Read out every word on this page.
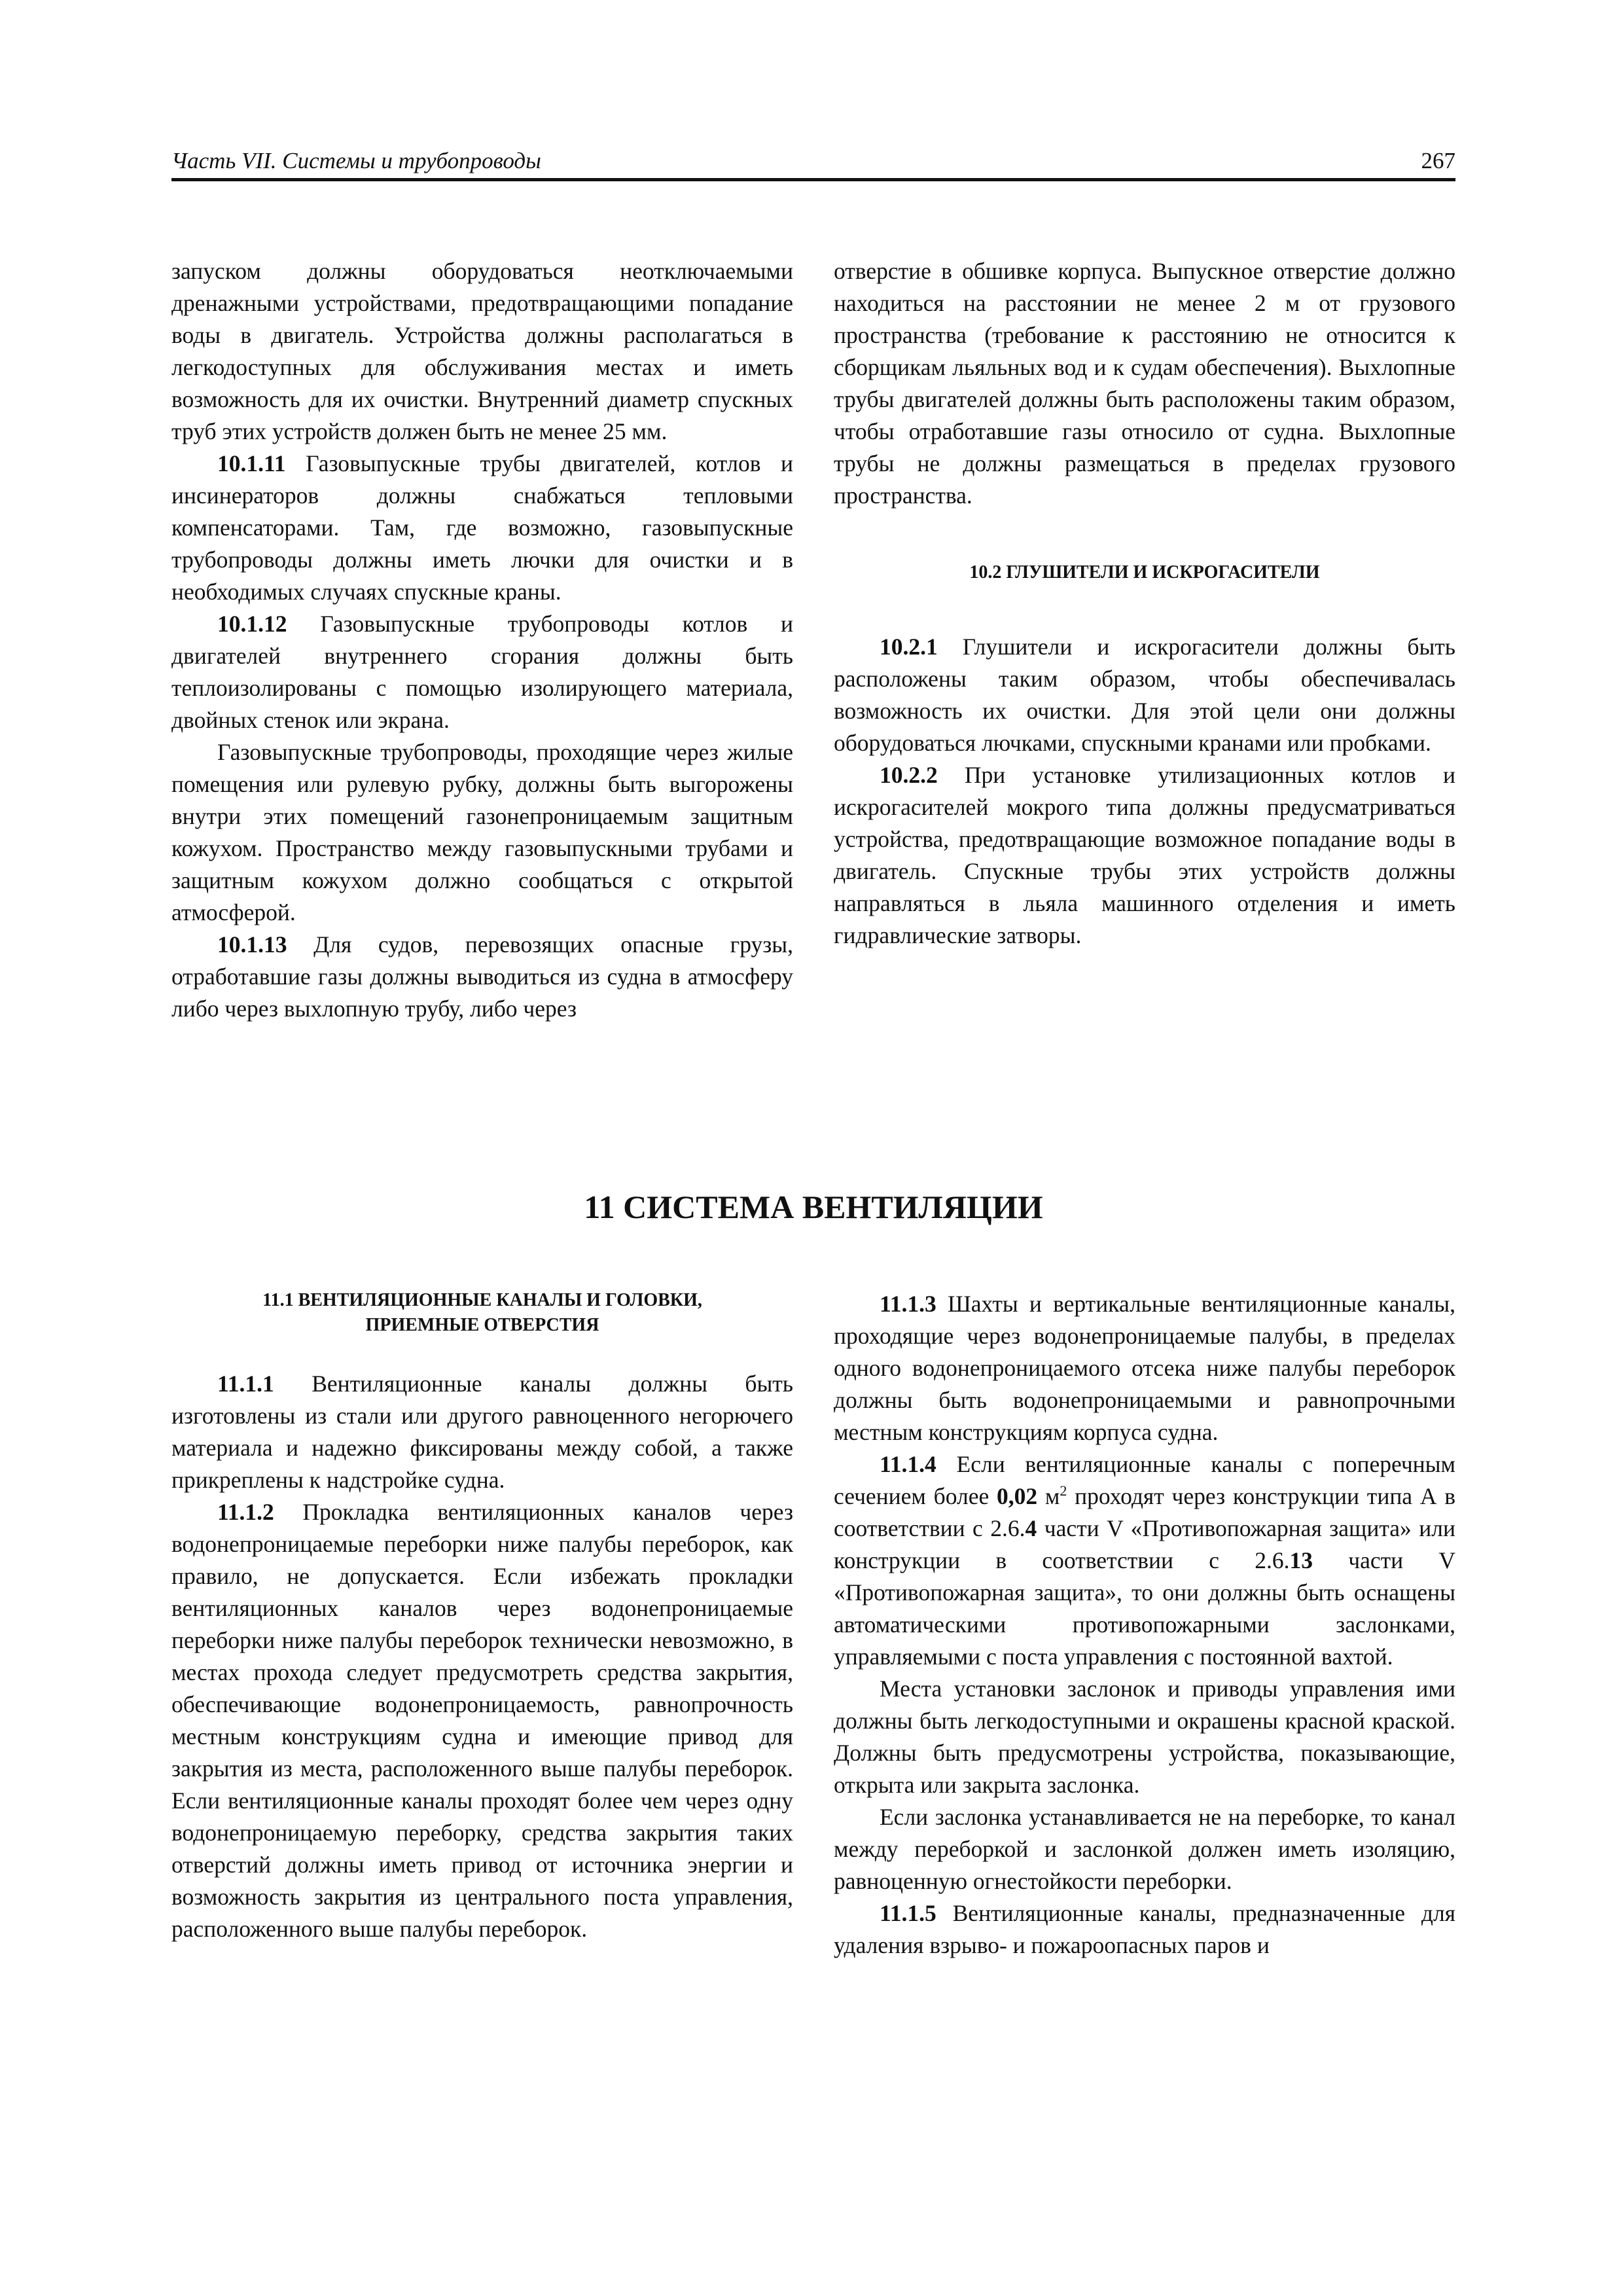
Часть VII. Системы и трубопроводы	267

запуском должны оборудоваться неотключаемыми дренажными устройствами, предотвращающими попадание воды в двигатель. Устройства должны располагаться в легкодоступных для обслуживания местах и иметь возможность для их очистки. Внутренний диаметр спускных труб этих устройств должен быть не менее 25 мм.

10.1.11 Газовыпускные трубы двигателей, котлов и инсинераторов должны снабжаться тепловыми компенсаторами. Там, где возможно, газовыпускные трубопроводы должны иметь лючки для очистки и в необходимых случаях спускные краны.

10.1.12 Газовыпускные трубопроводы котлов и двигателей внутреннего сгорания должны быть теплоизолированы с помощью изолирующего материала, двойных стенок или экрана.

Газовыпускные трубопроводы, проходящие через жилые помещения или рулевую рубку, должны быть выгорожены внутри этих помещений газонепроницаемым защитным кожухом. Пространство между газовыпускными трубами и защитным кожухом должно сообщаться с открытой атмосферой.

10.1.13 Для судов, перевозящих опасные грузы, отработавшие газы должны выводиться из судна в атмосферу либо через выхлопную трубу, либо через

отверстие в обшивке корпуса. Выпускное отверстие должно находиться на расстоянии не менее 2 м от грузового пространства (требование к расстоянию не относится к сборщикам льяльных вод и к судам обеспечения). Выхлопные трубы двигателей должны быть расположены таким образом, чтобы отработавшие газы относило от судна. Выхлопные трубы не должны размещаться в пределах грузового пространства.

10.2 ГЛУШИТЕЛИ И ИСКРОГАСИТЕЛИ

10.2.1 Глушители и искрогасители должны быть расположены таким образом, чтобы обеспечивалась возможность их очистки. Для этой цели они должны оборудоваться лючками, спускными кранами или пробками.

10.2.2 При установке утилизационных котлов и искрогасителей мокрого типа должны предусматриваться устройства, предотвращающие возможное попадание воды в двигатель. Спускные трубы этих устройств должны направляться в льяла машинного отделения и иметь гидравлические затворы.

11 СИСТЕМА ВЕНТИЛЯЦИИ

11.1 ВЕНТИЛЯЦИОННЫЕ КАНАЛЫ И ГОЛОВКИ,
ПРИЕМНЫЕ ОТВЕРСТИЯ

11.1.1 Вентиляционные каналы должны быть изготовлены из стали или другого равноценного негорючего материала и надежно фиксированы между собой, а также прикреплены к надстройке судна.

11.1.2 Прокладка вентиляционных каналов через водонепроницаемые переборки ниже палубы переборок, как правило, не допускается. Если избежать прокладки вентиляционных каналов через водонепроницаемые переборки ниже палубы переборок технически невозможно, в местах прохода следует предусмотреть средства закрытия, обеспечивающие водонепроницаемость, равнопрочность местным конструкциям судна и имеющие привод для закрытия из места, расположенного выше палубы переборок. Если вентиляционные каналы проходят более чем через одну водонепроницаемую переборку, средства закрытия таких отверстий должны иметь привод от источника энергии и возможность закрытия из центрального поста управления, расположенного выше палубы переборок.

11.1.3 Шахты и вертикальные вентиляционные каналы, проходящие через водонепроницаемые палубы, в пределах одного водонепроницаемого отсека ниже палубы переборок должны быть водонепроницаемыми и равнопрочными местным конструкциям корпуса судна.

11.1.4 Если вентиляционные каналы с поперечным сечением более 0,02 $м^2$ проходят через конструкции типа А в соответствии с 2.6.4 части V «Противопожарная защита» или конструкции в соответствии с 2.6.13 части V «Противопожарная защита», то они должны быть оснащены автоматическими противопожарными заслонками, управляемыми с поста управления с постоянной вахтой.

Места установки заслонок и приводы управления ими должны быть легкодоступными и окрашены красной краской. Должны быть предусмотрены устройства, показывающие, открыта или закрыта заслонка.

Если заслонка устанавливается не на переборке, то канал между переборкой и заслонкой должен иметь изоляцию, равноценную огнестойкости переборки.

11.1.5 Вентиляционные каналы, предназначенные для удаления взрыво- и пожароопасных паров и
